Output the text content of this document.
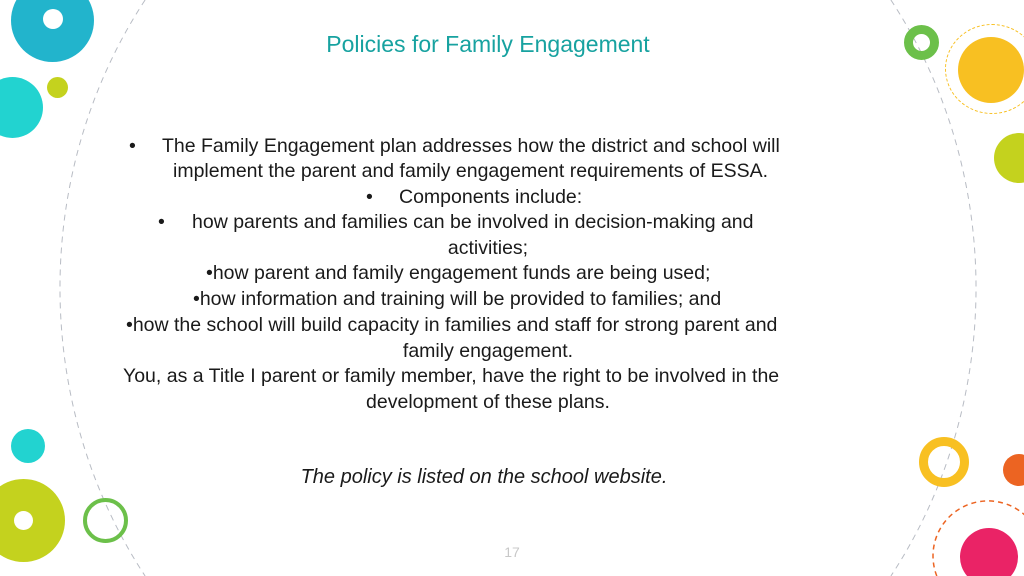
Policies for Family Engagement
• The Family Engagement plan addresses how the district and school will
implement the parent and family engagement requirements of ESSA.
• Components include:
• how parents and families can be involved in decision-making and
activities;
•how parent and family engagement funds are being used;
•how information and training will be provided to families; and
•how the school will build capacity in families and staff for strong parent and
family engagement.
You, as a Title I parent or family member, have the right to be involved in the
development of these plans.
The policy is listed on the school website.
17
